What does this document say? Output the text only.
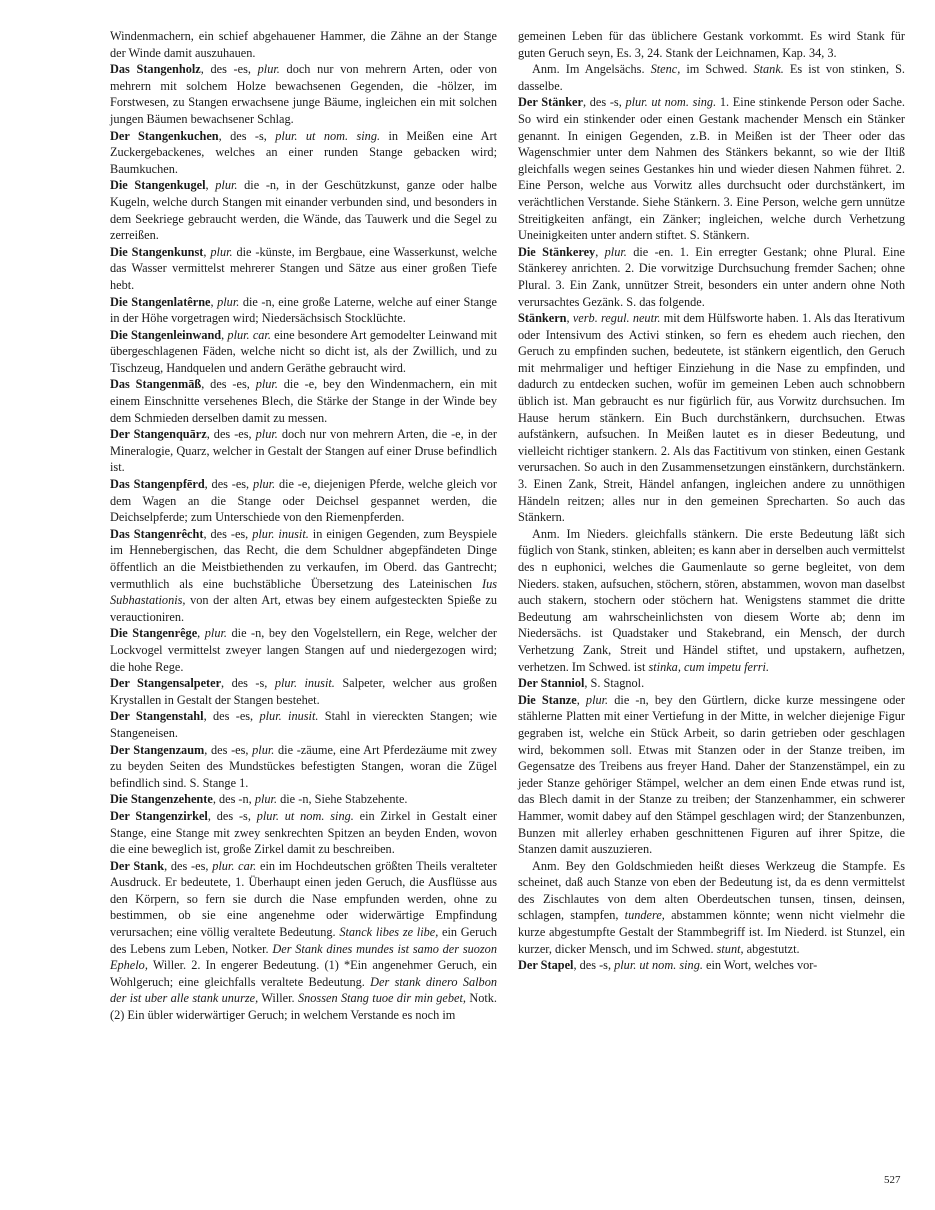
Windenmachern, ein schief abgehauener Hammer, die Zähne an der Stange der Winde damit auszuhauen.

Das Stangenholz, des -es, plur. doch nur von mehrern Arten, oder von mehrern mit solchem Holze bewachsenen Gegenden, die -hölzer, im Forstwesen, zu Stangen erwachsene junge Bäume, ingleichen ein mit solchen jungen Bäumen bewachsener Schlag.

Der Stangenkuchen, des -s, plur. ut nom. sing. in Meißen eine Art Zuckergebackenes, welches an einer runden Stange gebacken wird; Baumkuchen.

Die Stangenkugel, plur. die -n, in der Geschützkunst, ganze oder halbe Kugeln, welche durch Stangen mit einander verbunden sind, und besonders in dem Seekriege gebraucht werden, die Wände, das Tauwerk und die Segel zu zerreißen.

Die Stangenkunst, plur. die -künste, im Bergbaue, eine Wasserkunst, welche das Wasser vermittelst mehrerer Stangen und Sätze aus einer großen Tiefe hebt.

Die Stangenlatêrne, plur. die -n, eine große Laterne, welche auf einer Stange in der Höhe vorgetragen wird; Niedersächsisch Stocklüchte.

Die Stangenleinwand, plur. car. eine besondere Art gemodelter Leinwand mit übergeschlagenen Fäden, welche nicht so dicht ist, als der Zwillich, und zu Tischzeug, Handquelen und andern Geräthe gebraucht wird.

Das Stangenmāß, des -es, plur. die -e, bey den Windenmachern, ein mit einem Einschnitte versehenes Blech, die Stärke der Stange in der Winde bey dem Schmieden derselben damit zu messen.

Der Stangenquārz, des -es, plur. doch nur von mehrern Arten, die -e, in der Mineralogie, Quarz, welcher in Gestalt der Stangen auf einer Druse befindlich ist.

Das Stangenpfērd, des -es, plur. die -e, diejenigen Pferde, welche gleich vor dem Wagen an die Stange oder Deichsel gespannet werden, die Deichselpferde; zum Unterschiede von den Riemenpferden.

Das Stangenrêcht, des -es, plur. inusit. in einigen Gegenden, zum Beyspiele im Hennebergischen, das Recht, die dem Schuldner abgepfändeten Dinge öffentlich an die Meistbiethenden zu verkaufen, im Oberd. das Gantrecht; vermuthlich als eine buchstäbliche Übersetzung des Lateinischen Ius Subhastationis, von der alten Art, etwas bey einem aufgesteckten Spieße zu verauctioniren.

Die Stangenrêge, plur. die -n, bey den Vogelstellern, ein Rege, welcher der Lockvogel vermittelst zweyer langen Stangen auf und niedergezogen wird; die hohe Rege.

Der Stangensalpeter, des -s, plur. inusit. Salpeter, welcher aus großen Krystallen in Gestalt der Stangen bestehet.

Der Stangenstahl, des -es, plur. inusit. Stahl in viereckten Stangen; wie Stangeneisen.

Der Stangenzaum, des -es, plur. die -zäume, eine Art Pferdezäume mit zwey zu beyden Seiten des Mundstückes befestigten Stangen, woran die Zügel befindlich sind. S. Stange 1.

Die Stangenzehente, des -n, plur. die -n, Siehe Stabzehente.

Der Stangenzirkel, des -s, plur. ut nom. sing. ein Zirkel in Gestalt einer Stange, eine Stange mit zwey senkrechten Spitzen an beyden Enden, wovon die eine beweglich ist, große Zirkel damit zu beschreiben.

Der Stank, des -es, plur. car. ein im Hochdeutschen größten Theils veralteter Ausdruck. Er bedeutete, 1. Überhaupt einen jeden Geruch, die Ausflüsse aus den Körpern, so fern sie durch die Nase empfunden werden, ohne zu bestimmen, ob sie eine angenehme oder widerwärtige Empfindung verursachen; eine völlig veraltete Bedeutung. Stanck libes ze libe, ein Geruch des Lebens zum Leben, Notker. Der Stank dines mundes ist samo der suozon Ephelo, Willer. 2. In engerer Bedeutung. (1) *Ein angenehmer Geruch, ein Wohlgeruch; eine gleichfalls veraltete Bedeutung. Der stank dinero Salbon der ist uber alle stank unurze, Willer. Snossen Stang tuoe dir min gebet, Notk. (2) Ein übler widerwärtiger Geruch; in welchem Verstande es noch im

gemeinen Leben für das üblichere Gestank vorkommt. Es wird Stank für guten Geruch seyn, Es. 3, 24. Stank der Leichnamen, Kap. 34, 3.

Anm. Im Angelsächs. Stenc, im Schwed. Stank. Es ist von stinken, S. dasselbe.

Der Stänker, des -s, plur. ut nom. sing. 1. Eine stinkende Person oder Sache. So wird ein stinkender oder einen Gestank machender Mensch ein Stänker genannt. In einigen Gegenden, z.B. in Meißen ist der Theer oder das Wagenschmier unter dem Nahmen des Stänkers bekannt, so wie der Iltiß gleichfalls wegen seines Gestankes hin und wieder diesen Nahmen führet. 2. Eine Person, welche aus Vorwitz alles durchsucht oder durchstänkert, im verächtlichen Verstande. Siehe Stänkern. 3. Eine Person, welche gern unnütze Streitigkeiten anfängt, ein Zänker; ingleichen, welche durch Verhetzung Uneinigkeiten unter andern stiftet. S. Stänkern.

Die Stänkerey, plur. die -en. 1. Ein erregter Gestank; ohne Plural. Eine Stänkerey anrichten. 2. Die vorwitzige Durchsuchung fremder Sachen; ohne Plural. 3. Ein Zank, unnützer Streit, besonders ein unter andern ohne Noth verursachtes Gezänk. S. das folgende.

Stänkern, verb. regul. neutr. mit dem Hülfsworte haben. 1. Als das Iterativum oder Intensivum des Activi stinken, so fern es ehedem auch riechen, den Geruch zu empfinden suchen, bedeutete, ist stänkern eigentlich, den Geruch mit mehrmaliger und heftiger Einziehung in die Nase zu empfinden, und dadurch zu entdecken suchen, wofür im gemeinen Leben auch schnobbern üblich ist. Man gebraucht es nur figürlich für, aus Vorwitz durchsuchen. Im Hause herum stänkern. Ein Buch durchstänkern, durchsuchen. Etwas aufstänkern, aufsuchen. In Meißen lautet es in dieser Bedeutung, und vielleicht richtiger stankern. 2. Als das Factitivum von stinken, einen Gestank verursachen. So auch in den Zusammensetzungen einstänkern, durchstänkern. 3. Einen Zank, Streit, Händel anfangen, ingleichen andere zu unnöthigen Händeln reitzen; alles nur in den gemeinen Sprecharten. So auch das Stänkern.

Anm. Im Nieders. gleichfalls stänkern. Die erste Bedeutung läßt sich füglich von Stank, stinken, ableiten; es kann aber in derselben auch vermittelst des n euphonici, welches die Gaumenlaute so gerne begleitet, von dem Nieders. staken, aufsuchen, stöchern, stören, abstammen, wovon man daselbst auch stakern, stochern oder stöchern hat. Wenigstens stammet die dritte Bedeutung am wahrscheinlichsten von diesem Worte ab; denn im Niedersächs. ist Quadstaker und Stakebrand, ein Mensch, der durch Verhetzung Zank, Streit und Händel stiftet, und upstakern, aufhetzen, verhetzen. Im Schwed. ist stinka, cum impetu ferri.

Der Stanniol, S. Stagnol.

Die Stanze, plur. die -n, bey den Gürtlern, dicke kurze messingene oder stählerne Platten mit einer Vertiefung in der Mitte, in welcher diejenige Figur gegraben ist, welche ein Stück Arbeit, so darin getrieben oder geschlagen wird, bekommen soll. Etwas mit Stanzen oder in der Stanze treiben, im Gegensatze des Treibens aus freyer Hand. Daher der Stanzenstämpel, ein zu jeder Stanze gehöriger Stämpel, welcher an dem einen Ende etwas rund ist, das Blech damit in der Stanze zu treiben; der Stanzenhammer, ein schwerer Hammer, womit dabey auf den Stämpel geschlagen wird; der Stanzenbunzen, Bunzen mit allerley erhaben geschnittenen Figuren auf ihrer Spitze, die Stanzen damit auszuzieren.

Anm. Bey den Goldschmieden heißt dieses Werkzeug die Stampfe. Es scheinet, daß auch Stanze von eben der Bedeutung ist, da es denn vermittelst des Zischlautes von dem alten Oberdeutschen tunsen, tinsen, deinsen, schlagen, stampfen, tundere, abstammen könnte; wenn nicht vielmehr die kurze abgestumpfte Gestalt der Stammbegriff ist. Im Niederd. ist Stunzel, ein kurzer, dicker Mensch, und im Schwed. stunt, abgestutzt.

Der Stapel, des -s, plur. ut nom. sing. ein Wort, welches vor-

527
